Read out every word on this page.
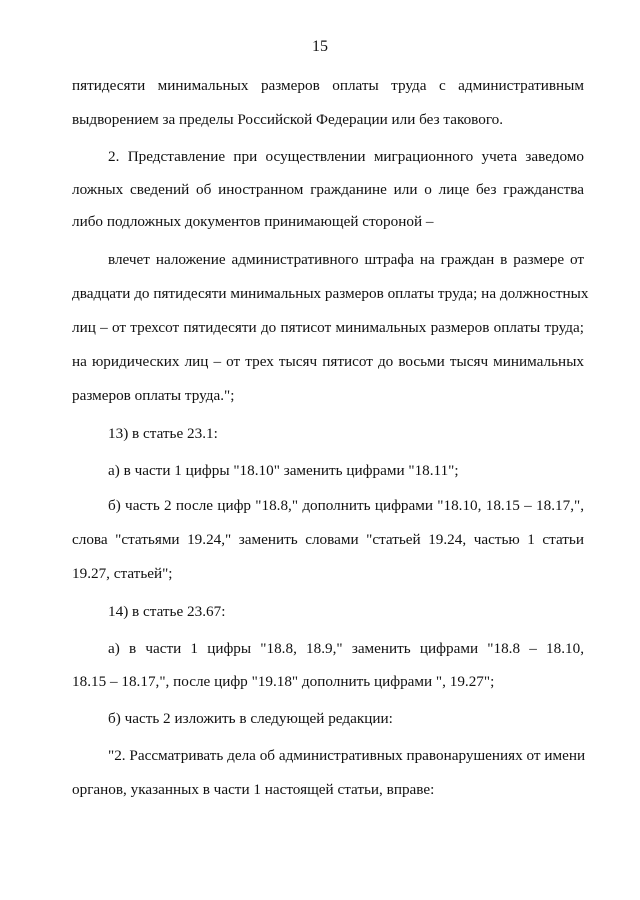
15
пятидесяти минимальных размеров оплаты труда с административным
выдворением за пределы Российской Федерации или без такового.
2. Представление при осуществлении миграционного учета заведомо
ложных сведений об иностранном гражданине или о лице без гражданства
либо подложных документов принимающей стороной –
влечет наложение административного штрафа на граждан в размере от
двадцати до пятидесяти минимальных размеров оплаты труда; на должностных
лиц – от трехсот пятидесяти до пятисот минимальных размеров оплаты труда;
на юридических лиц – от трех тысяч пятисот до восьми тысяч минимальных
размеров оплаты труда.";
13) в статье 23.1:
а) в части 1 цифры "18.10" заменить цифрами "18.11";
б) часть 2 после цифр "18.8," дополнить цифрами "18.10, 18.15 – 18.17,",
слова "статьями 19.24," заменить словами "статьей 19.24, частью 1 статьи
19.27, статьей";
14) в статье 23.67:
а) в части 1 цифры "18.8, 18.9," заменить цифрами "18.8 – 18.10,
18.15 – 18.17,", после цифр "19.18" дополнить цифрами ", 19.27";
б) часть 2 изложить в следующей редакции:
"2. Рассматривать дела об административных правонарушениях от имени
органов, указанных в части 1 настоящей статьи, вправе:
